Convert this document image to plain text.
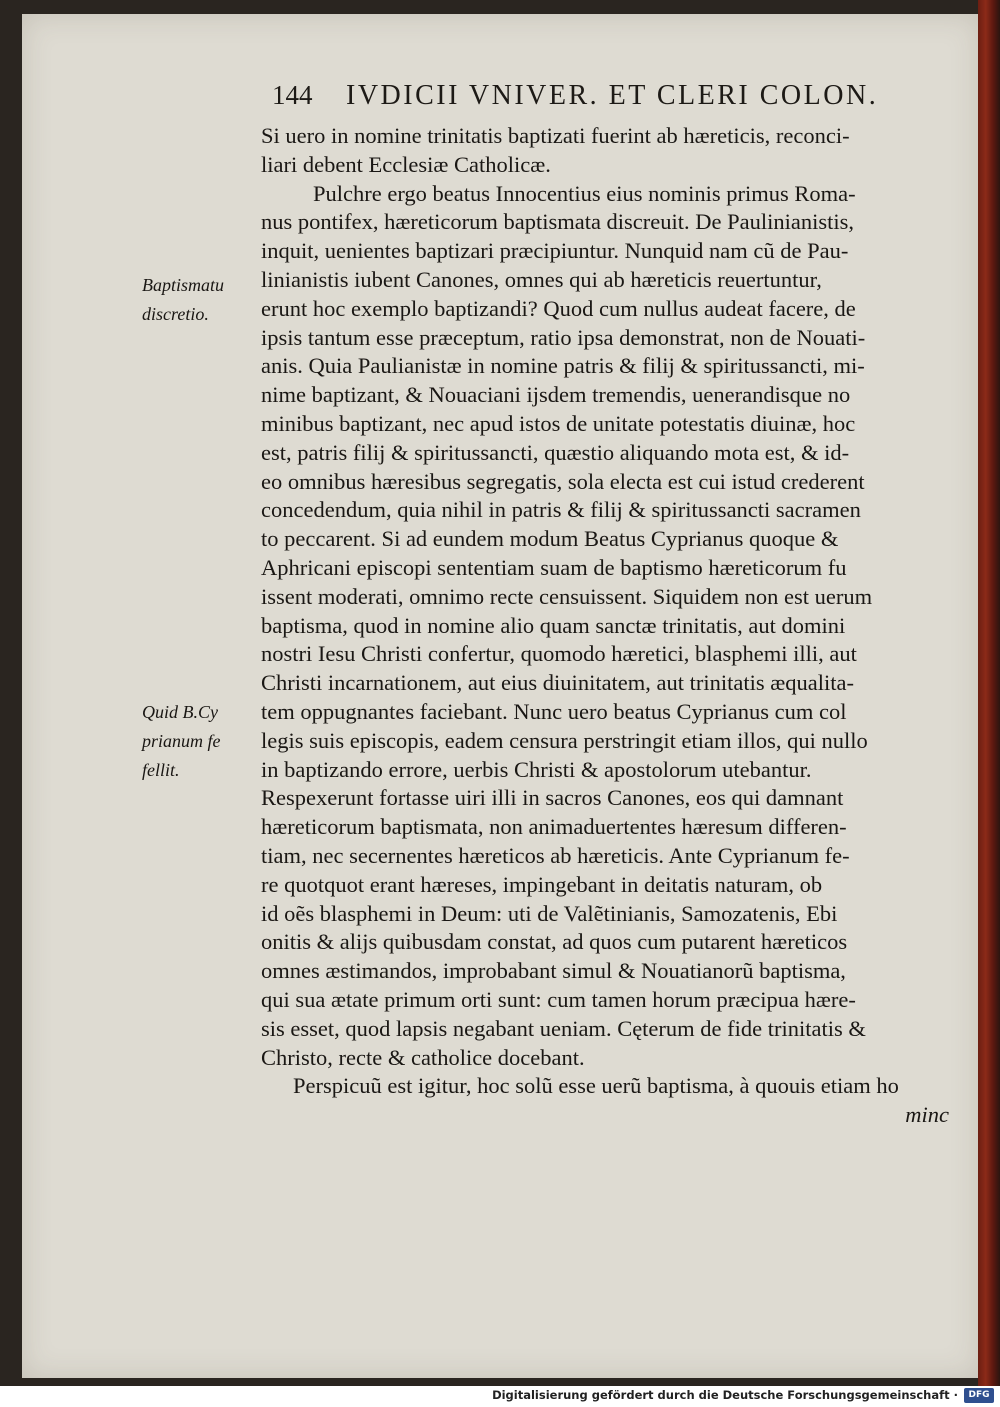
144 IVDICII VNIVER. ET CLERI COLON.
Baptismatu
discretio.
Quid B.Cy
prianum fe
fellit.
Si uero in nomine trinitatis baptizati fuerint ab hæreticis, reconci-
liari debent Ecclesiæ Catholicæ.
Pulchre ergo beatus Innocentius eius nominis primus Roma-
nus pontifex, hæreticorum baptismata discreuit. De Paulinianistis,
inquit, uenientes baptizari præcipiuntur. Nunquid nam cũ de Pau-
linianistis iubent Canones, omnes qui ab hæreticis reuertuntur,
erunt hoc exemplo baptizandi? Quod cum nullus audeat facere, de
ipsis tantum esse præceptum, ratio ipsa demonstrat, non de Nouati-
anis. Quia Paulianistæ in nomine patris & filij & spiritussancti, mi-
nime baptizant, & Nouaciani ijsdem tremendis, uenerandisque no
minibus baptizant, nec apud istos de unitate potestatis diuinæ, hoc
est, patris filij & spiritussancti, quæstio aliquando mota est, & id-
eo omnibus hæresibus segregatis, sola electa est cui istud crederent
concedendum, quia nihil in patris & filij & spiritussancti sacramen
to peccarent. Si ad eundem modum Beatus Cyprianus quoque &
Aphricani episcopi sententiam suam de baptismo hæreticorum fu
issent moderati, omnimo recte censuissent. Siquidem non est uerum
baptisma, quod in nomine alio quam sanctæ trinitatis, aut domini
nostri Iesu Christi confertur, quomodo hæretici, blasphemi illi, aut
Christi incarnationem, aut eius diuinitatem, aut trinitatis æqualita-
tem oppugnantes faciebant. Nunc uero beatus Cyprianus cum col
legis suis episcopis, eadem censura perstringit etiam illos, qui nullo
in baptizando errore, uerbis Christi & apostolorum utebantur.
Respexerunt fortasse uiri illi in sacros Canones, eos qui damnant
hæreticorum baptismata, non animaduertentes hæresum differen-
tiam, nec secernentes hæreticos ab hæreticis. Ante Cyprianum fe-
re quotquot erant hæreses, impingebant in deitatis naturam, ob
id oẽs blasphemi in Deum: uti de Valẽtinianis, Samozatenis, Ebi
onitis & alijs quibusdam constat, ad quos cum putarent hæreticos
omnes æstimandos, improbabant simul & Nouatianorũ baptisma,
qui sua ætate primum orti sunt: cum tamen horum præcipua hære-
sis esset, quod lapsis negabant ueniam. Cęterum de fide trinitatis &
Christo, recte & catholice docebant.
Perspicuũ est igitur, hoc solũ esse uerũ baptisma, à quouis etiam ho
minc
Digitalisierung gefördert durch die Deutsche Forschungsgemeinschaft ·	DFG
